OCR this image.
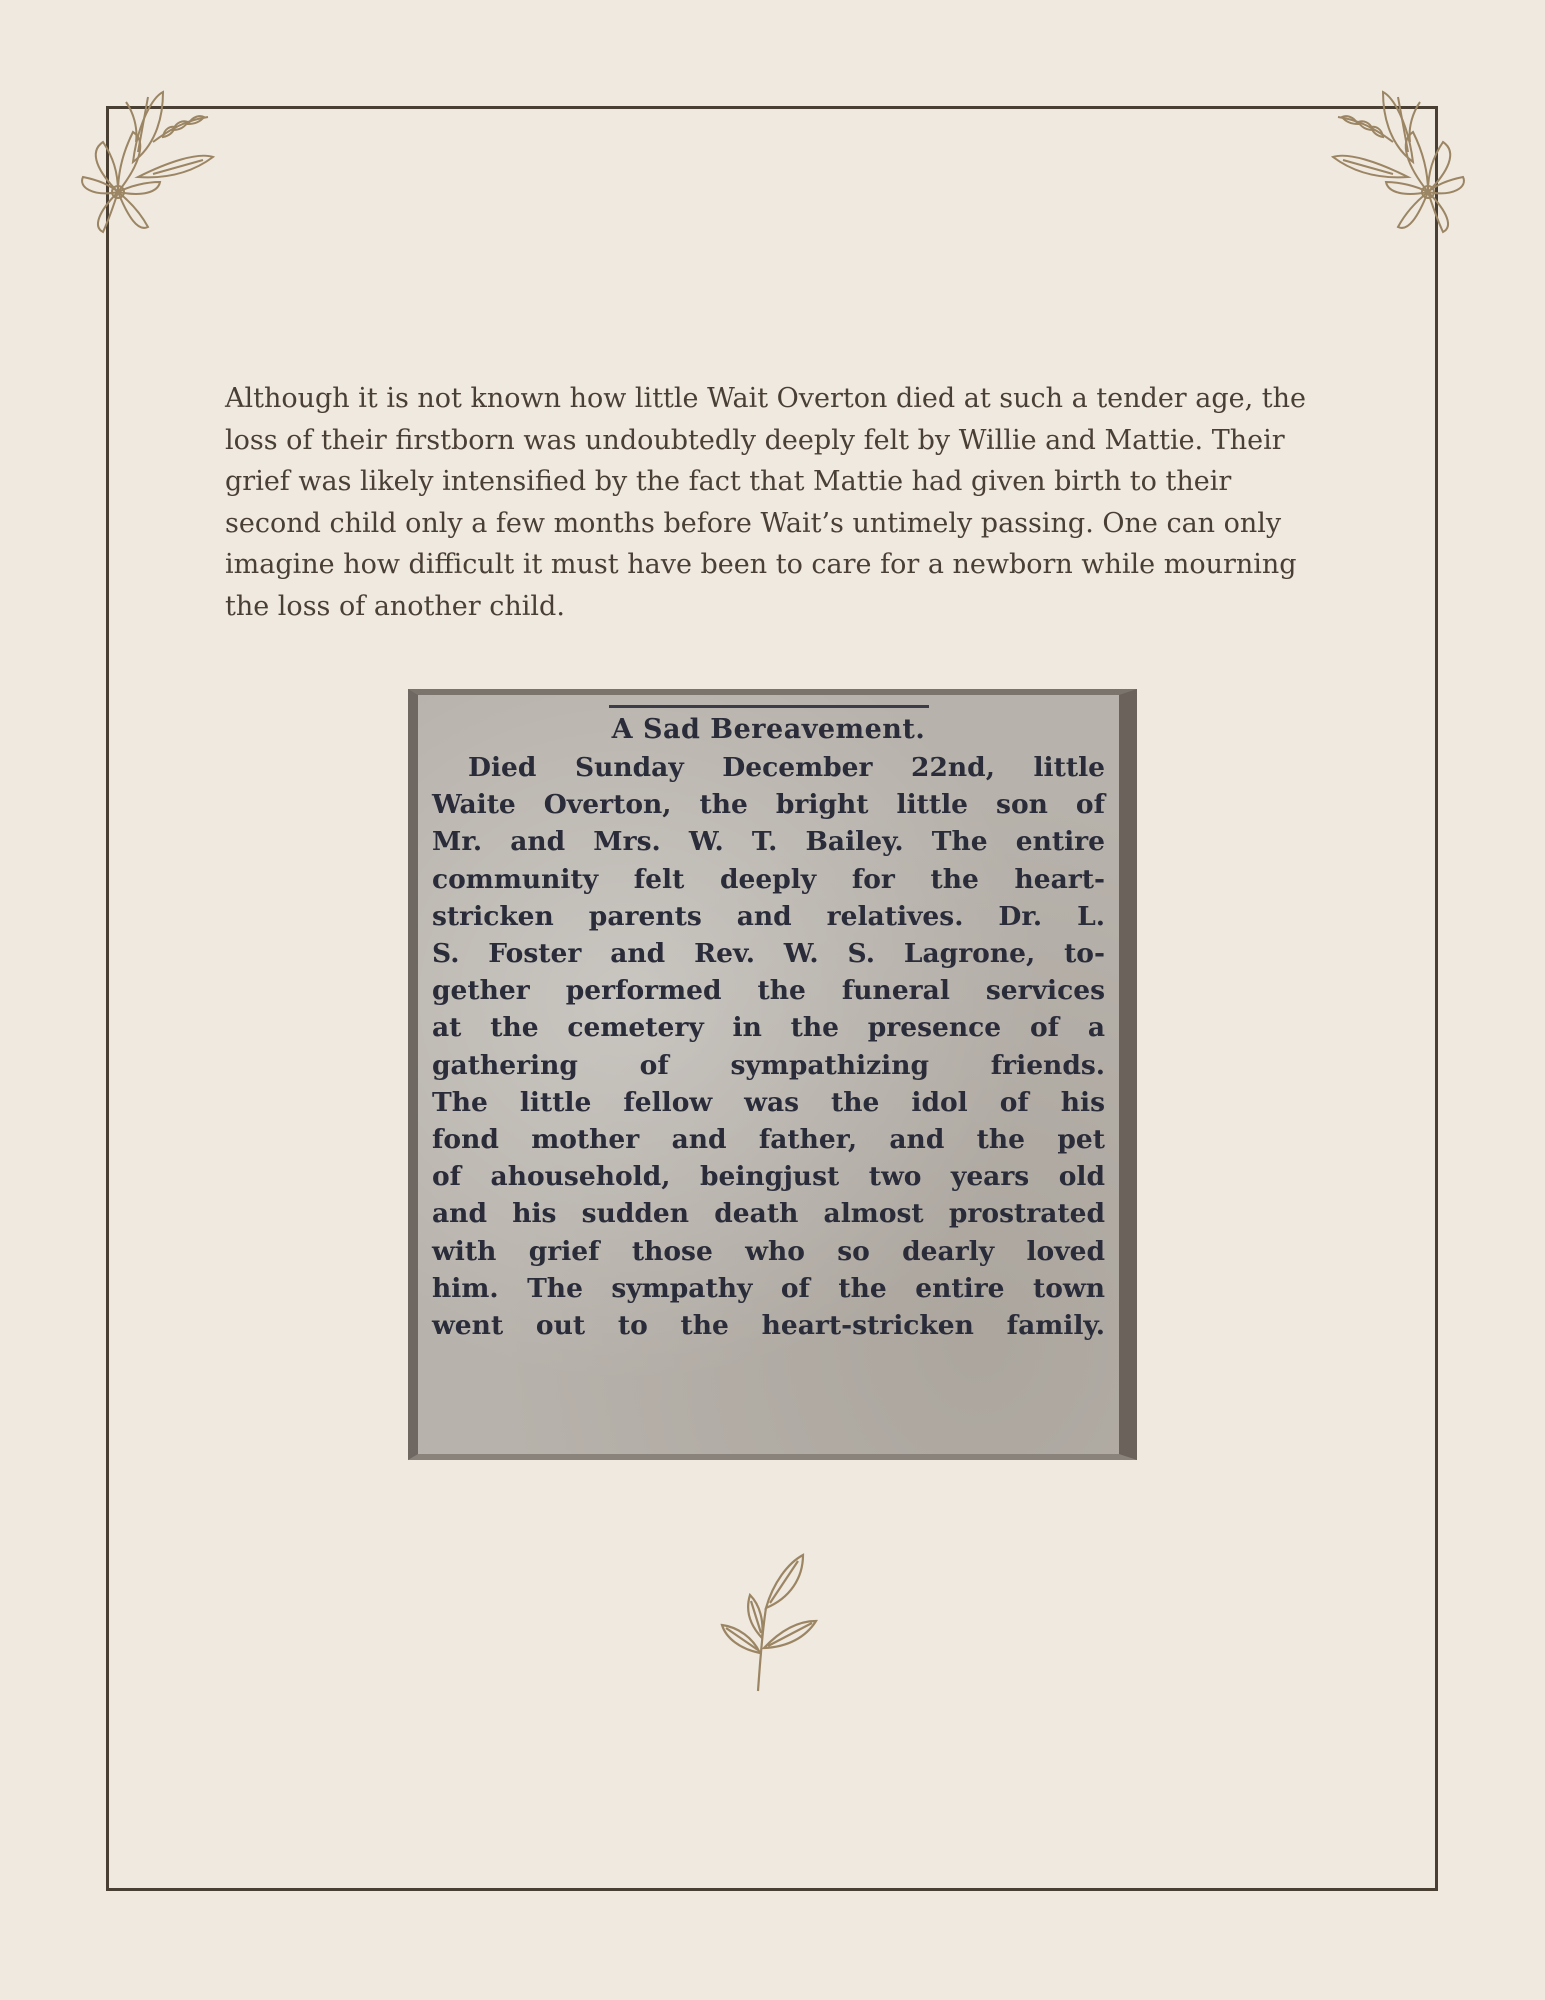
Although it is not known how little Wait Overton died at such a tender age, the loss of their firstborn was undoubtedly deeply felt by Willie and Mattie. Their grief was likely intensified by the fact that Mattie had given birth to their second child only a few months before Wait’s untimely passing. One can only imagine how difficult it must have been to care for a newborn while mourning the loss of another child.

A Sad Bereavement.
Died Sunday December 22nd, little
Waite Overton, the bright little son of
Mr. and Mrs. W. T. Bailey. The entire
community felt deeply for the heart-
stricken parents and relatives. Dr. L.
S. Foster and Rev. W. S. Lagrone, to-
gether performed the funeral services
at the cemetery in the presence of a
gathering of sympathizing friends.
The little fellow was the idol of his
fond mother and father, and the pet
of ahousehold, beingjust two years old
and his sudden death almost prostrated
with grief those who so dearly loved
him. The sympathy of the entire town
went out to the heart-stricken family.
